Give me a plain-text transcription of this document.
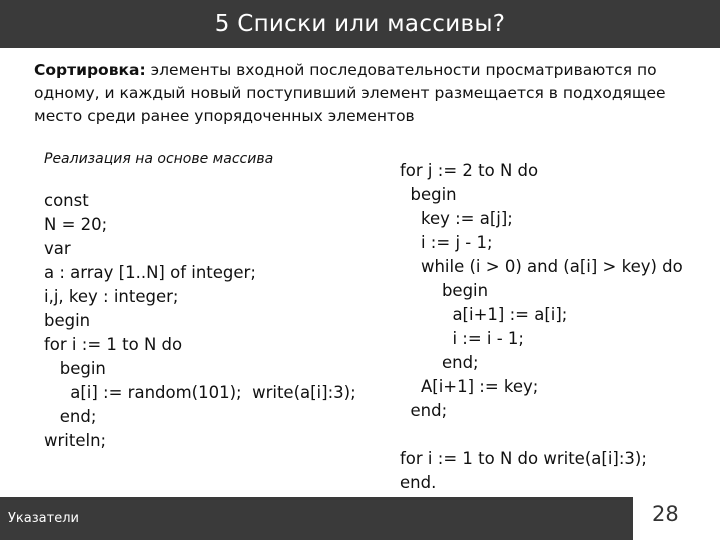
5 Списки или массивы?
Сортировка: элементы входной последовательности просматриваются по одному, и каждый новый поступивший элемент размещается в подходящее место среди ранее упорядоченных элементов
Реализация на основе массива
const
N = 20;
var
a : array [1..N] of integer;
i,j, key : integer;
begin
for i := 1 to N do
begin
a[i] := random(101);  write(a[i]:3);
end;
writeln;
for j := 2 to N do
begin
key := a[j];
i := j - 1;
while (i > 0) and (a[i] > key) do
begin
a[i+1] := a[i];
i := i - 1;
end;
A[i+1] := key;
end;

for i := 1 to N do write(a[i]:3);
end.
Указатели	28
